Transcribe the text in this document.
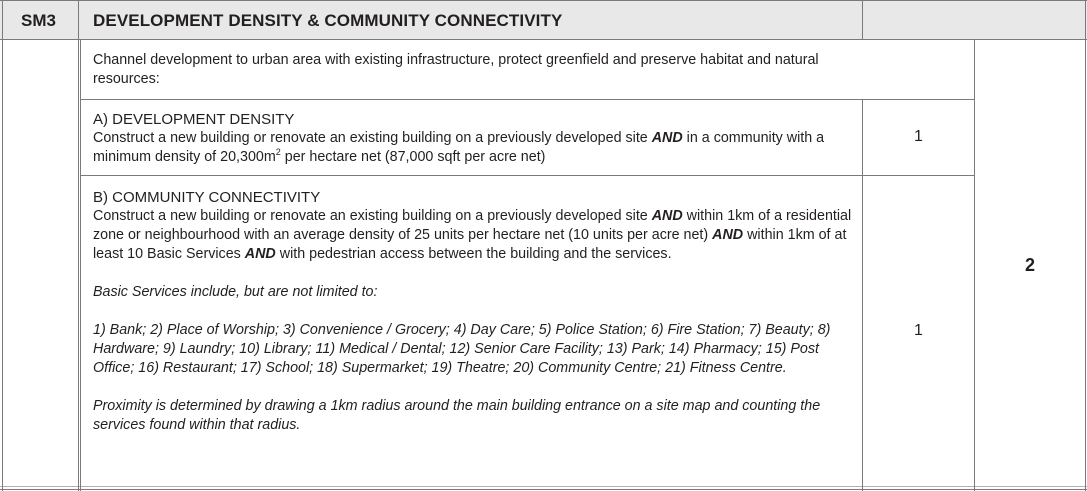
SM3 DEVELOPMENT DENSITY & COMMUNITY CONNECTIVITY
Channel development to urban area with existing infrastructure, protect greenfield and preserve habitat and natural resources:

A) DEVELOPMENT DENSITY

Construct a new building or renovate an existing building on a previously developed site AND in a community with a minimum density of $20,300m^2$ per hectare net (87,000 sqft per acre net)

1

B) COMMUNITY CONNECTIVITY

Construct a new building or renovate an existing building on a previously developed site AND within 1km of a residential zone or neighbourhood with an average density of 25 units per hectare net (10 units per acre net) AND within 1km of at least 10 Basic Services AND with pedestrian access between the building and the services.

Basic Services include, but are not limited to:

1) Bank; 2) Place of Worship; 3) Convenience / Grocery; 4) Day Care; 5) Police Station; 6) Fire Station; 7) Beauty; 8) Hardware; 9) Laundry; 10) Library; 11) Medical / Dental; 12) Senior Care Facility; 13) Park; 14) Pharmacy; 15) Post Office; 16) Restaurant; 17) School; 18) Supermarket; 19) Theatre; 20) Community Centre; 21) Fitness Centre.

Proximity is determined by drawing a 1km radius around the main building entrance on a site map and counting the services found within that radius.

1
2
